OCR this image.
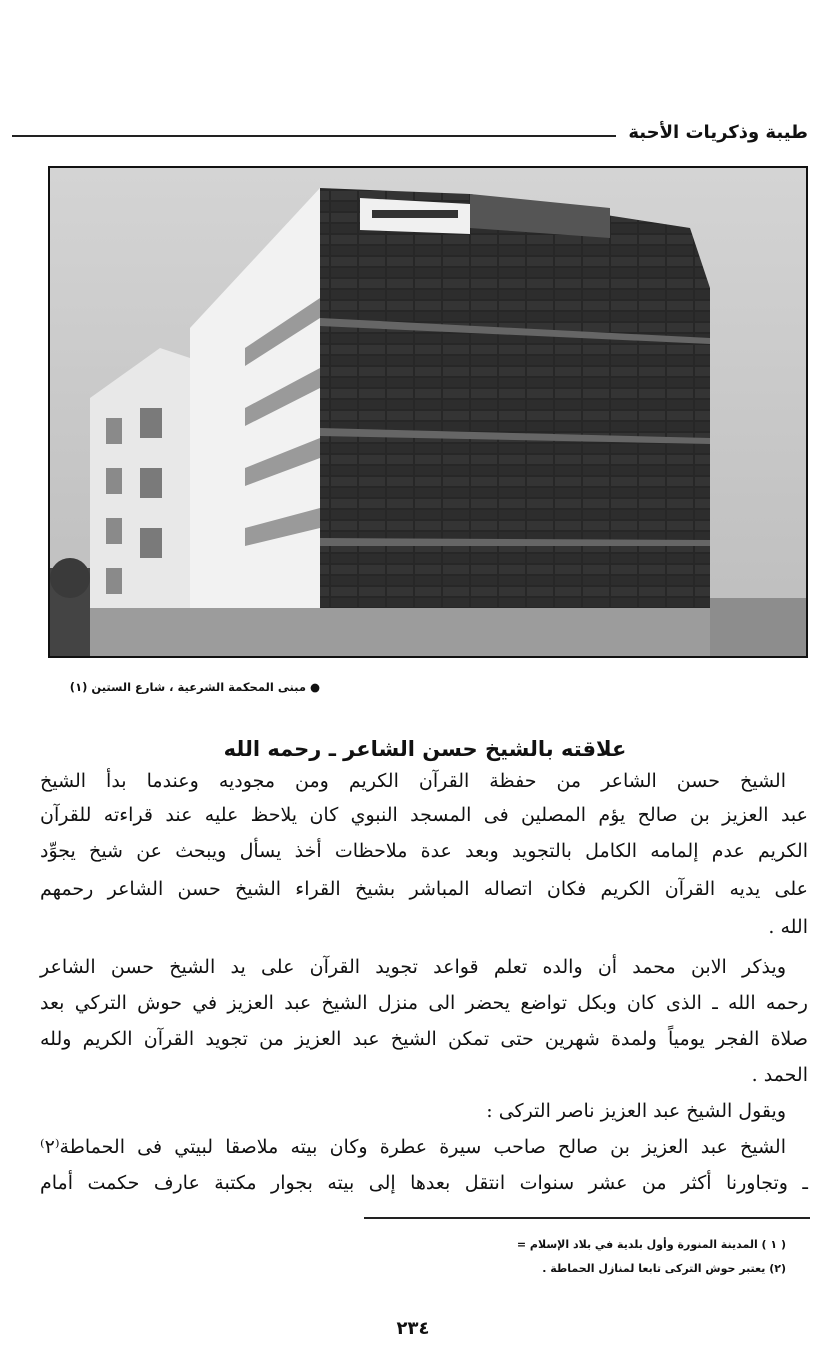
طيبة وذكريات الأحبة
● مبنى المحكمة الشرعية ، شارع الستين (١)
علاقته بالشيخ حسن الشاعر ـ رحمه الله
الشيخ حسن الشاعر من حفظة القرآن الكريم ومن مجوديه وعندما بدأ الشيخ
عبد العزيز بن صالح يؤم المصلين فى المسجد النبوي كان يلاحظ عليه عند قراءته للقرآن
الكريم عدم إلمامه الكامل بالتجويد وبعد عدة ملاحظات أخذ يسأل ويبحث عن شيخ يجوِّد
على يديه القرآن الكريم فكان اتصاله المباشر بشيخ القراء الشيخ حسن الشاعر رحمهم
الله .
ويذكر الابن محمد أن والده تعلم قواعد تجويد القرآن على يد الشيخ حسن الشاعر
رحمه الله ـ الذى كان وبكل تواضع يحضر الى منزل الشيخ عبد العزيز في حوش التركي بعد
صلاة الفجر يومياً ولمدة شهرين حتى تمكن الشيخ عبد العزيز من تجويد القرآن الكريم ولله
الحمد .
ويقول الشيخ عبد العزيز ناصر التركى :
الشيخ عبد العزيز بن صالح صاحب سيرة عطرة وكان بيته ملاصقا لبيتي فى الحماطة⁽٢⁾
ـ وتجاورنا أكثر من عشر سنوات انتقل بعدها إلى بيته بجوار مكتبة عارف حكمت أمام
( ١ ) المدينة المنورة وأول بلدية في بلاد الإسلام =
(٢) يعتبر حوش التركى تابعا لمنازل الحماطة .
٢٣٤
